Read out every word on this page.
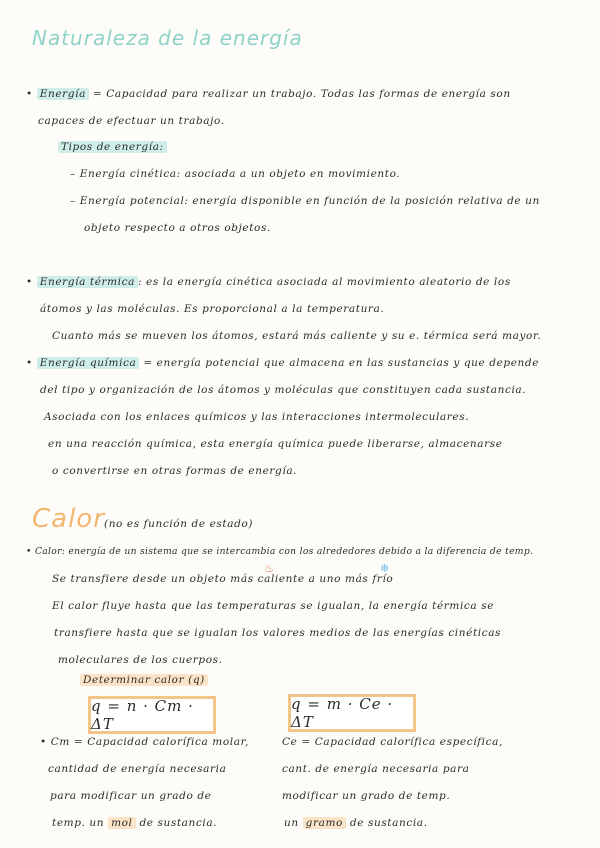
Naturaleza de la energía
• Energía = Capacidad para realizar un trabajo. Todas las formas de energía son
capaces de efectuar un trabajo.
Tipos de energía:
– Energía cinética: asociada a un objeto en movimiento.
– Energía potencial: energía disponible en función de la posición relativa de un
objeto respecto a otros objetos.
• Energía térmica : es la energía cinética asociada al movimiento aleatorio de los
átomos y las moléculas. Es proporcional a la temperatura.
Cuanto más se mueven los átomos, estará más caliente y su e. térmica será mayor.
• Energía química = energía potencial que almacena en las sustancias y que depende
del tipo y organización de los átomos y moléculas que constituyen cada sustancia.
Asociada con los enlaces químicos y las interacciones intermoleculares.
en una reacción química, esta energía química puede liberarse, almacenarse
o convertirse en otras formas de energía.
Calor (no es función de estado)
• Calor: energía de un sistema que se intercambia con los alrededores debido a la diferencia de temp.
Se transfiere desde un objeto más caliente a uno más frío
♨	❄
El calor fluye hasta que las temperaturas se igualan, la energía térmica se
transfiere hasta que se igualan los valores medios de las energías cinéticas
moleculares de los cuerpos.
Determinar calor (q)
q = n · Cm · ΔT
q = m · Ce · ΔT
• Cm = Capacidad calorífica molar,
cantidad de energía necesaria
para modificar un grado de
temp. un mol de sustancia.
Ce = Capacidad calorífica específica,
cant. de energía necesaria para
modificar un grado de temp.
un gramo de sustancia.
